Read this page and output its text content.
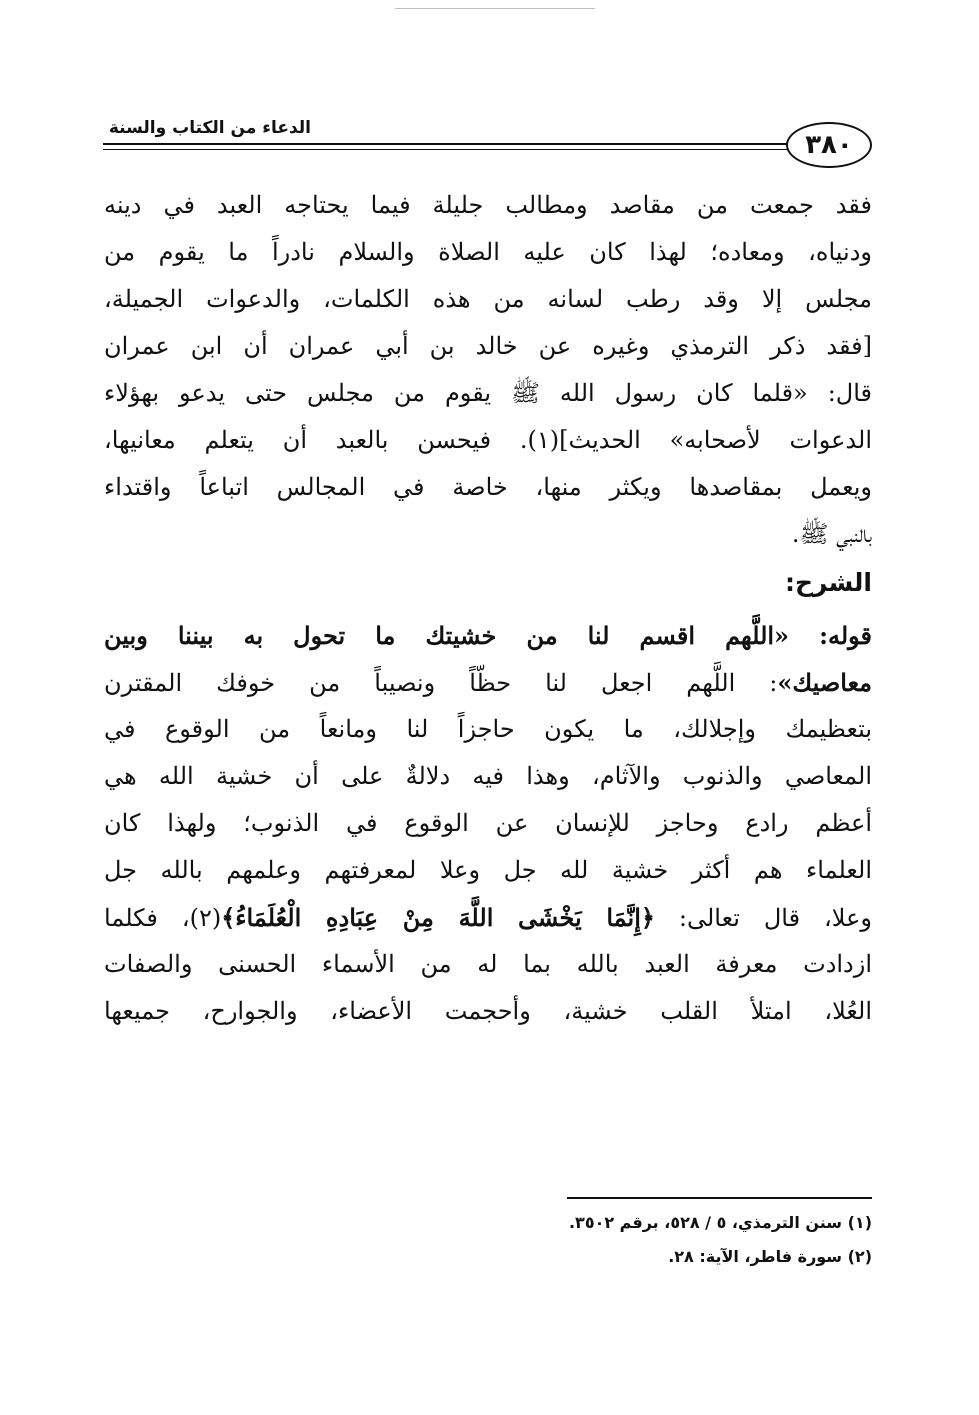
الدعاء من الكتاب والسنة
٣٨٠
فقد جمعت من مقاصد ومطالب جليلة فيما يحتاجه العبد في دينه
ودنياه، ومعاده؛ لهذا كان عليه الصلاة والسلام نادراً ما يقوم من
مجلس إلا وقد رطب لسانه من هذه الكلمات، والدعوات الجميلة،
[فقد ذكر الترمذي وغيره عن خالد بن أبي عمران أن ابن عمران
قال: «قلما كان رسول الله ﷺ يقوم من مجلس حتى يدعو بهؤلاء
الدعوات لأصحابه» الحديث](١). فيحسن بالعبد أن يتعلم معانيها،
ويعمل بمقاصدها ويكثر منها، خاصة في المجالس اتباعاً واقتداء
بالنبي ﷺ.
الشرح:
قوله: «اللَّهم اقسم لنا من خشيتك ما تحول به بيننا وبين
معاصيك»: اللَّهم اجعل لنا حظّاً ونصيباً من خوفك المقترن
بتعظيمك وإجلالك، ما يكون حاجزاً لنا ومانعاً من الوقوع في
المعاصي والذنوب والآثام، وهذا فيه دلالةٌ على أن خشية الله هي
أعظم رادع وحاجز للإنسان عن الوقوع في الذنوب؛ ولهذا كان
العلماء هم أكثر خشية لله جل وعلا لمعرفتهم وعلمهم بالله جل
وعلا، قال تعالى: ﴿إِنَّمَا يَخْشَى اللَّهَ مِنْ عِبَادِهِ الْعُلَمَاءُ﴾(٢)، فكلما
ازدادت معرفة العبد بالله بما له من الأسماء الحسنى والصفات
العُلا، امتلأ القلب خشية، وأحجمت الأعضاء، والجوارح، جميعها
(١) سنن الترمذي، ٥ / ٥٢٨، برقم ٣٥٠٢.
(٢) سورة فاطر، الآية: ٢٨.
